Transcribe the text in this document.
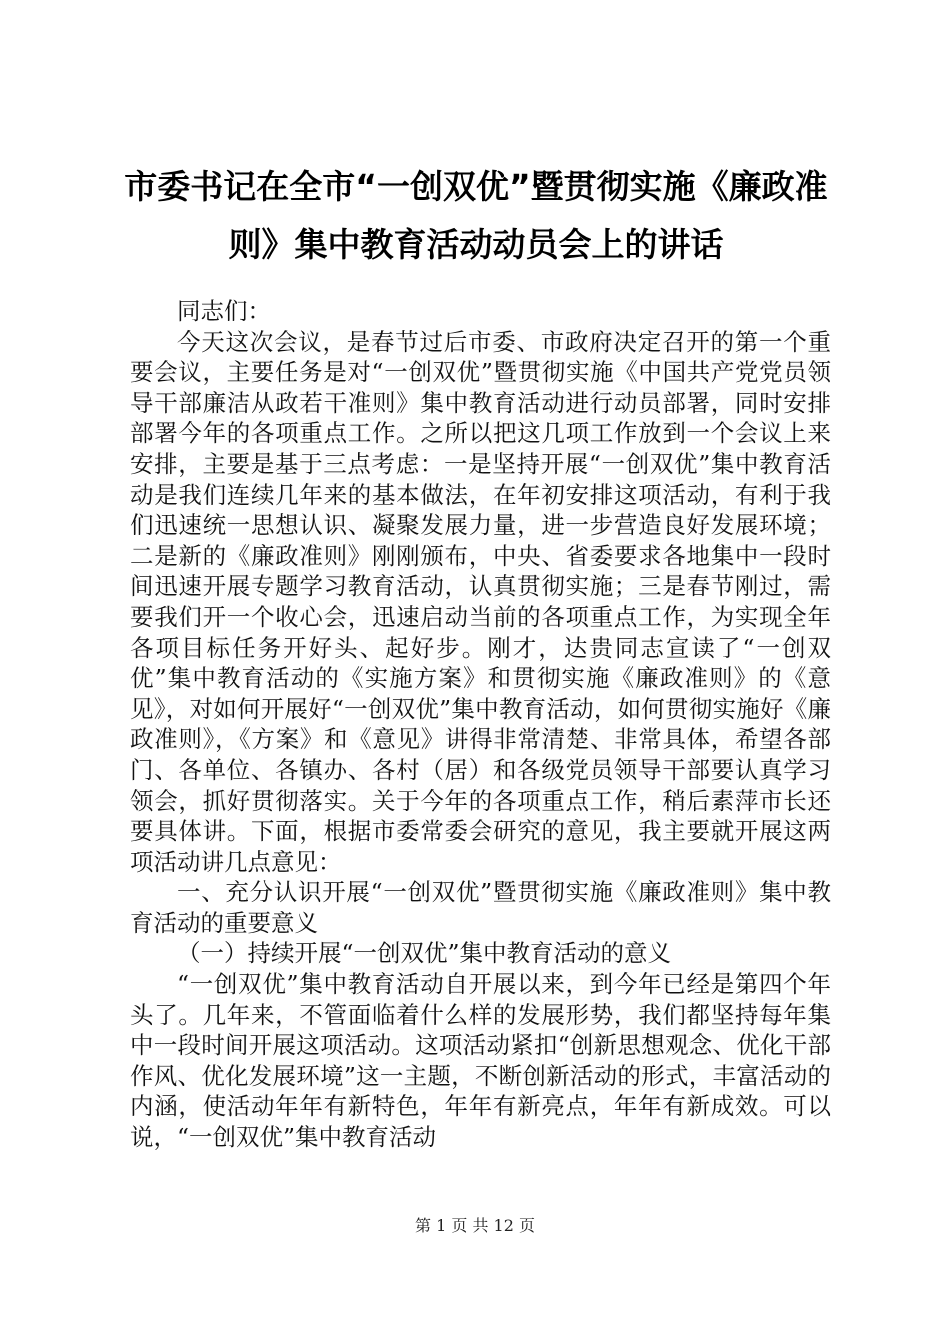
市委书记在全市“一创双优”暨贯彻实施《廉政准则》集中教育活动动员会上的讲话

同志们：

今天这次会议，是春节过后市委、市政府决定召开的第一个重要会议，主要任务是对“一创双优”暨贯彻实施《中国共产党党员领导干部廉洁从政若干准则》集中教育活动进行动员部署，同时安排部署今年的各项重点工作。之所以把这几项工作放到一个会议上来安排，主要是基于三点考虑：一是坚持开展“一创双优”集中教育活动是我们连续几年来的基本做法，在年初安排这项活动，有利于我们迅速统一思想认识、凝聚发展力量，进一步营造良好发展环境；二是新的《廉政准则》刚刚颁布，中央、省委要求各地集中一段时间迅速开展专题学习教育活动，认真贯彻实施；三是春节刚过，需要我们开一个收心会，迅速启动当前的各项重点工作，为实现全年各项目标任务开好头、起好步。刚才，达贵同志宣读了“一创双优”集中教育活动的《实施方案》和贯彻实施《廉政准则》的《意见》，对如何开展好“一创双优”集中教育活动，如何贯彻实施好《廉政准则》，《方案》和《意见》讲得非常清楚、非常具体，希望各部门、各单位、各镇办、各村（居）和各级党员领导干部要认真学习领会，抓好贯彻落实。关于今年的各项重点工作，稍后素萍市长还要具体讲。下面，根据市委常委会研究的意见，我主要就开展这两项活动讲几点意见：

一、充分认识开展“一创双优”暨贯彻实施《廉政准则》集中教育活动的重要意义

（一）持续开展“一创双优”集中教育活动的意义

“一创双优”集中教育活动自开展以来，到今年已经是第四个年头了。几年来，不管面临着什么样的发展形势，我们都坚持每年集中一段时间开展这项活动。这项活动紧扣“创新思想观念、优化干部作风、优化发展环境”这一主题，不断创新活动的形式，丰富活动的内涵，使活动年年有新特色，年年有新亮点，年年有新成效。可以说，“一创双优”集中教育活动

第 1 页 共 12 页
